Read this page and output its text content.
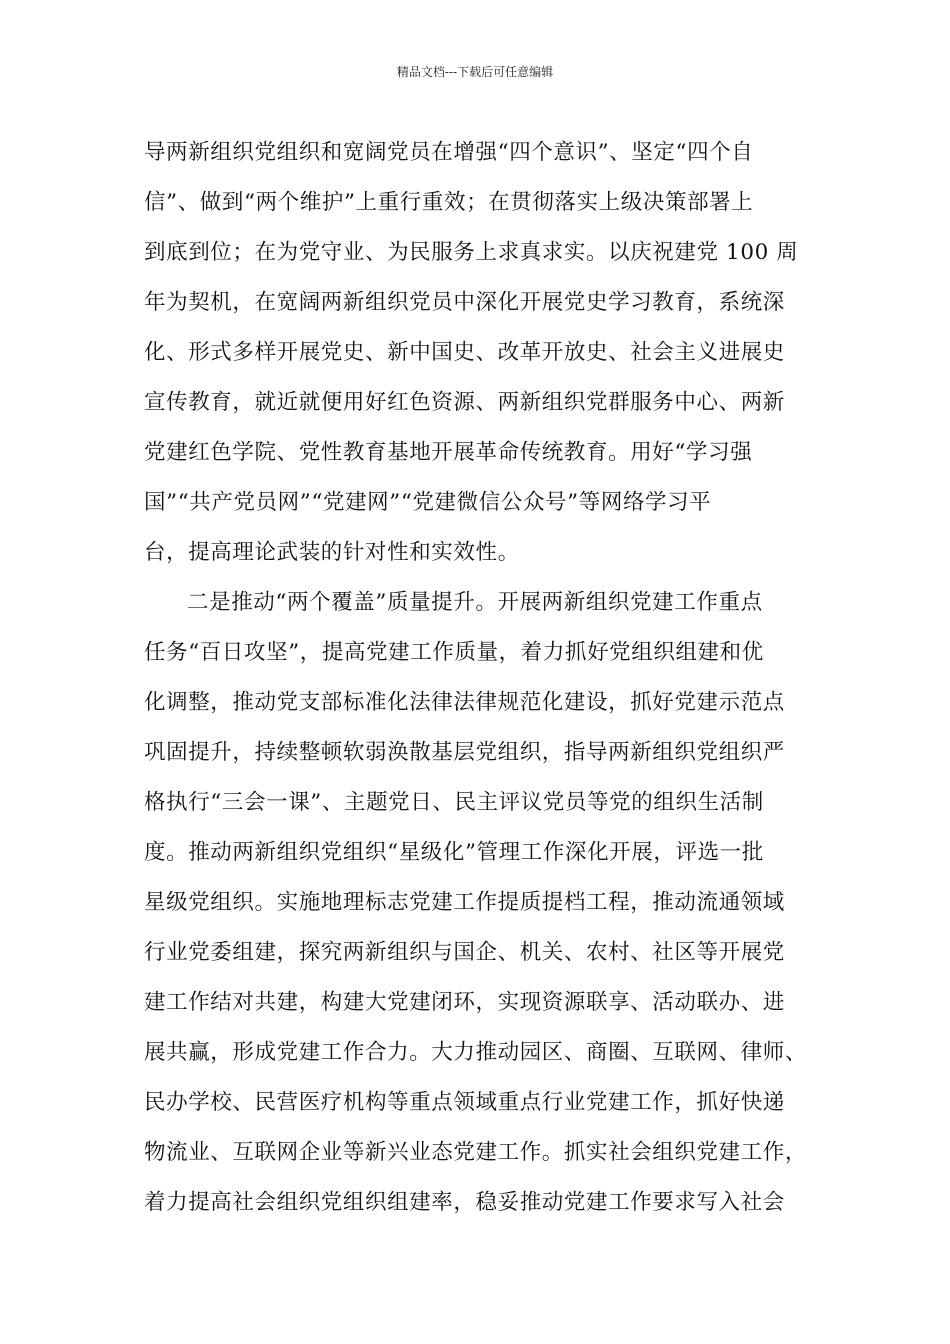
精品文档---下载后可任意编辑

导两新组织党组织和宽阔党员在增强“四个意识”、坚定“四个自
信”、做到“两个维护”上重行重效；在贯彻落实上级决策部署上
到底到位；在为党守业、为民服务上求真求实。以庆祝建党 100 周
年为契机，在宽阔两新组织党员中深化开展党史学习教育，系统深
化、形式多样开展党史、新中国史、改革开放史、社会主义进展史
宣传教育，就近就便用好红色资源、两新组织党群服务中心、两新
党建红色学院、党性教育基地开展革命传统教育。用好“学习强
国”“共产党员网”“党建网”“党建微信公众号”等网络学习平
台，提高理论武装的针对性和实效性。

二是推动“两个覆盖”质量提升。开展两新组织党建工作重点
任务“百日攻坚”，提高党建工作质量，着力抓好党组织组建和优
化调整，推动党支部标准化法律法律规范化建设，抓好党建示范点
巩固提升，持续整顿软弱涣散基层党组织，指导两新组织党组织严
格执行“三会一课”、主题党日、民主评议党员等党的组织生活制
度。推动两新组织党组织“星级化”管理工作深化开展，评选一批
星级党组织。实施地理标志党建工作提质提档工程，推动流通领域
行业党委组建，探究两新组织与国企、机关、农村、社区等开展党
建工作结对共建，构建大党建闭环，实现资源联享、活动联办、进
展共赢，形成党建工作合力。大力推动园区、商圈、互联网、律师、
民办学校、民营医疗机构等重点领域重点行业党建工作，抓好快递
物流业、互联网企业等新兴业态党建工作。抓实社会组织党建工作，
着力提高社会组织党组织组建率，稳妥推动党建工作要求写入社会
